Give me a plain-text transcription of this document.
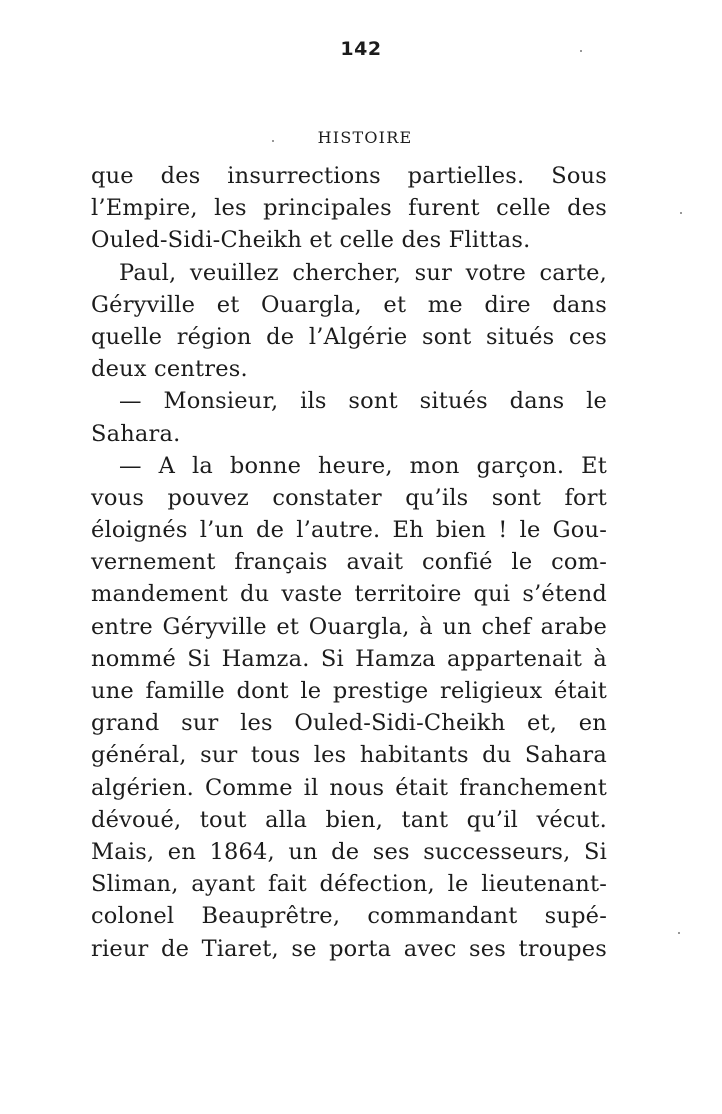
142
HISTOIRE
que des insurrections partielles. Sous
l’Empire, les principales furent celle des
Ouled-Sidi-Cheikh et celle des Flittas.
Paul, veuillez chercher, sur votre carte,
Géryville et Ouargla, et me dire dans
quelle région de l’Algérie sont situés ces
deux centres.
— Monsieur, ils sont situés dans le
Sahara.
— A la bonne heure, mon garçon. Et
vous pouvez constater qu’ils sont fort
éloignés l’un de l’autre. Eh bien ! le Gou-
vernement français avait confié le com-
mandement du vaste territoire qui s’étend
entre Géryville et Ouargla, à un chef arabe
nommé Si Hamza. Si Hamza appartenait à
une famille dont le prestige religieux était
grand sur les Ouled-Sidi-Cheikh et, en
général, sur tous les habitants du Sahara
algérien. Comme il nous était franchement
dévoué, tout alla bien, tant qu’il vécut.
Mais, en 1864, un de ses successeurs, Si
Sliman, ayant fait défection, le lieutenant-
colonel Beauprêtre, commandant supé-
rieur de Tiaret, se porta avec ses troupes
